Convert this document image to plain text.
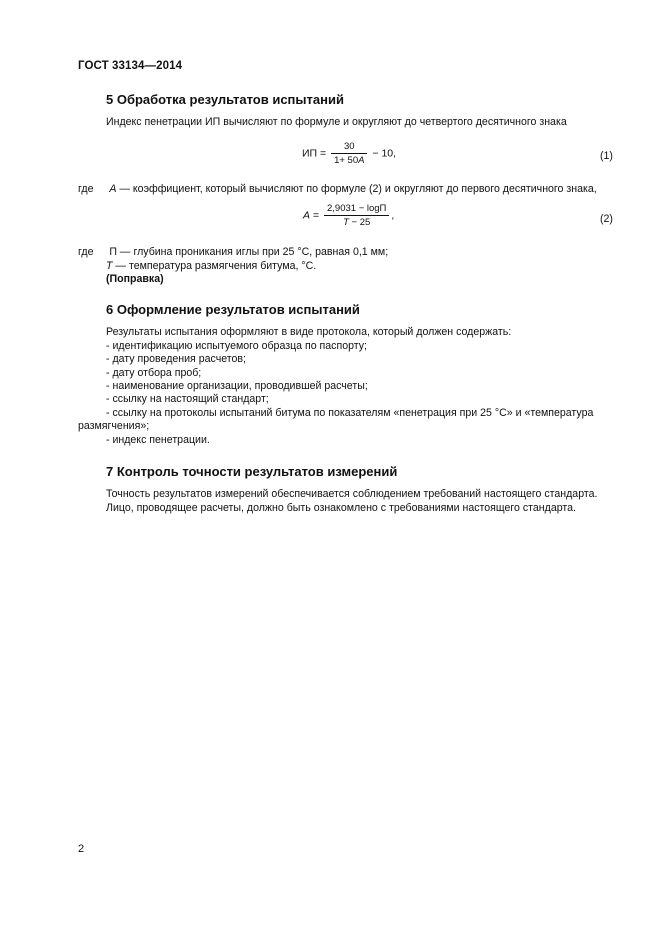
ГОСТ 33134—2014
5 Обработка результатов испытаний
Индекс пенетрации ИП вычисляют по формуле и округляют до четвертого десятичного знака
ИП = $\frac{30}{1+ 50A} - 10$,	(1)
где A — коэффициент, который вычисляют по формуле (2) и округляют до первого десятичного знака,
$A = \frac{2,9031 - \log П}{T - 25}$ ,	(2)
где П — глубина проникания иглы при 25 °С, равная 0,1 мм;
T — температура размягчения битума, °С.
(Поправка)
6 Оформление результатов испытаний
Результаты испытания оформляют в виде протокола, который должен содержать:
- идентификацию испытуемого образца по паспорту;
- дату проведения расчетов;
- дату отбора проб;
- наименование организации, проводившей расчеты;
- ссылку на настоящий стандарт;
- ссылку на протоколы испытаний битума по показателям «пенетрация при 25 °С» и «температура
размягчения»;
- индекс пенетрации.
7 Контроль точности результатов измерений
Точность результатов измерений обеспечивается соблюдением требований настоящего стандарта.
Лицо, проводящее расчеты, должно быть ознакомлено с требованиями настоящего стандарта.
2
